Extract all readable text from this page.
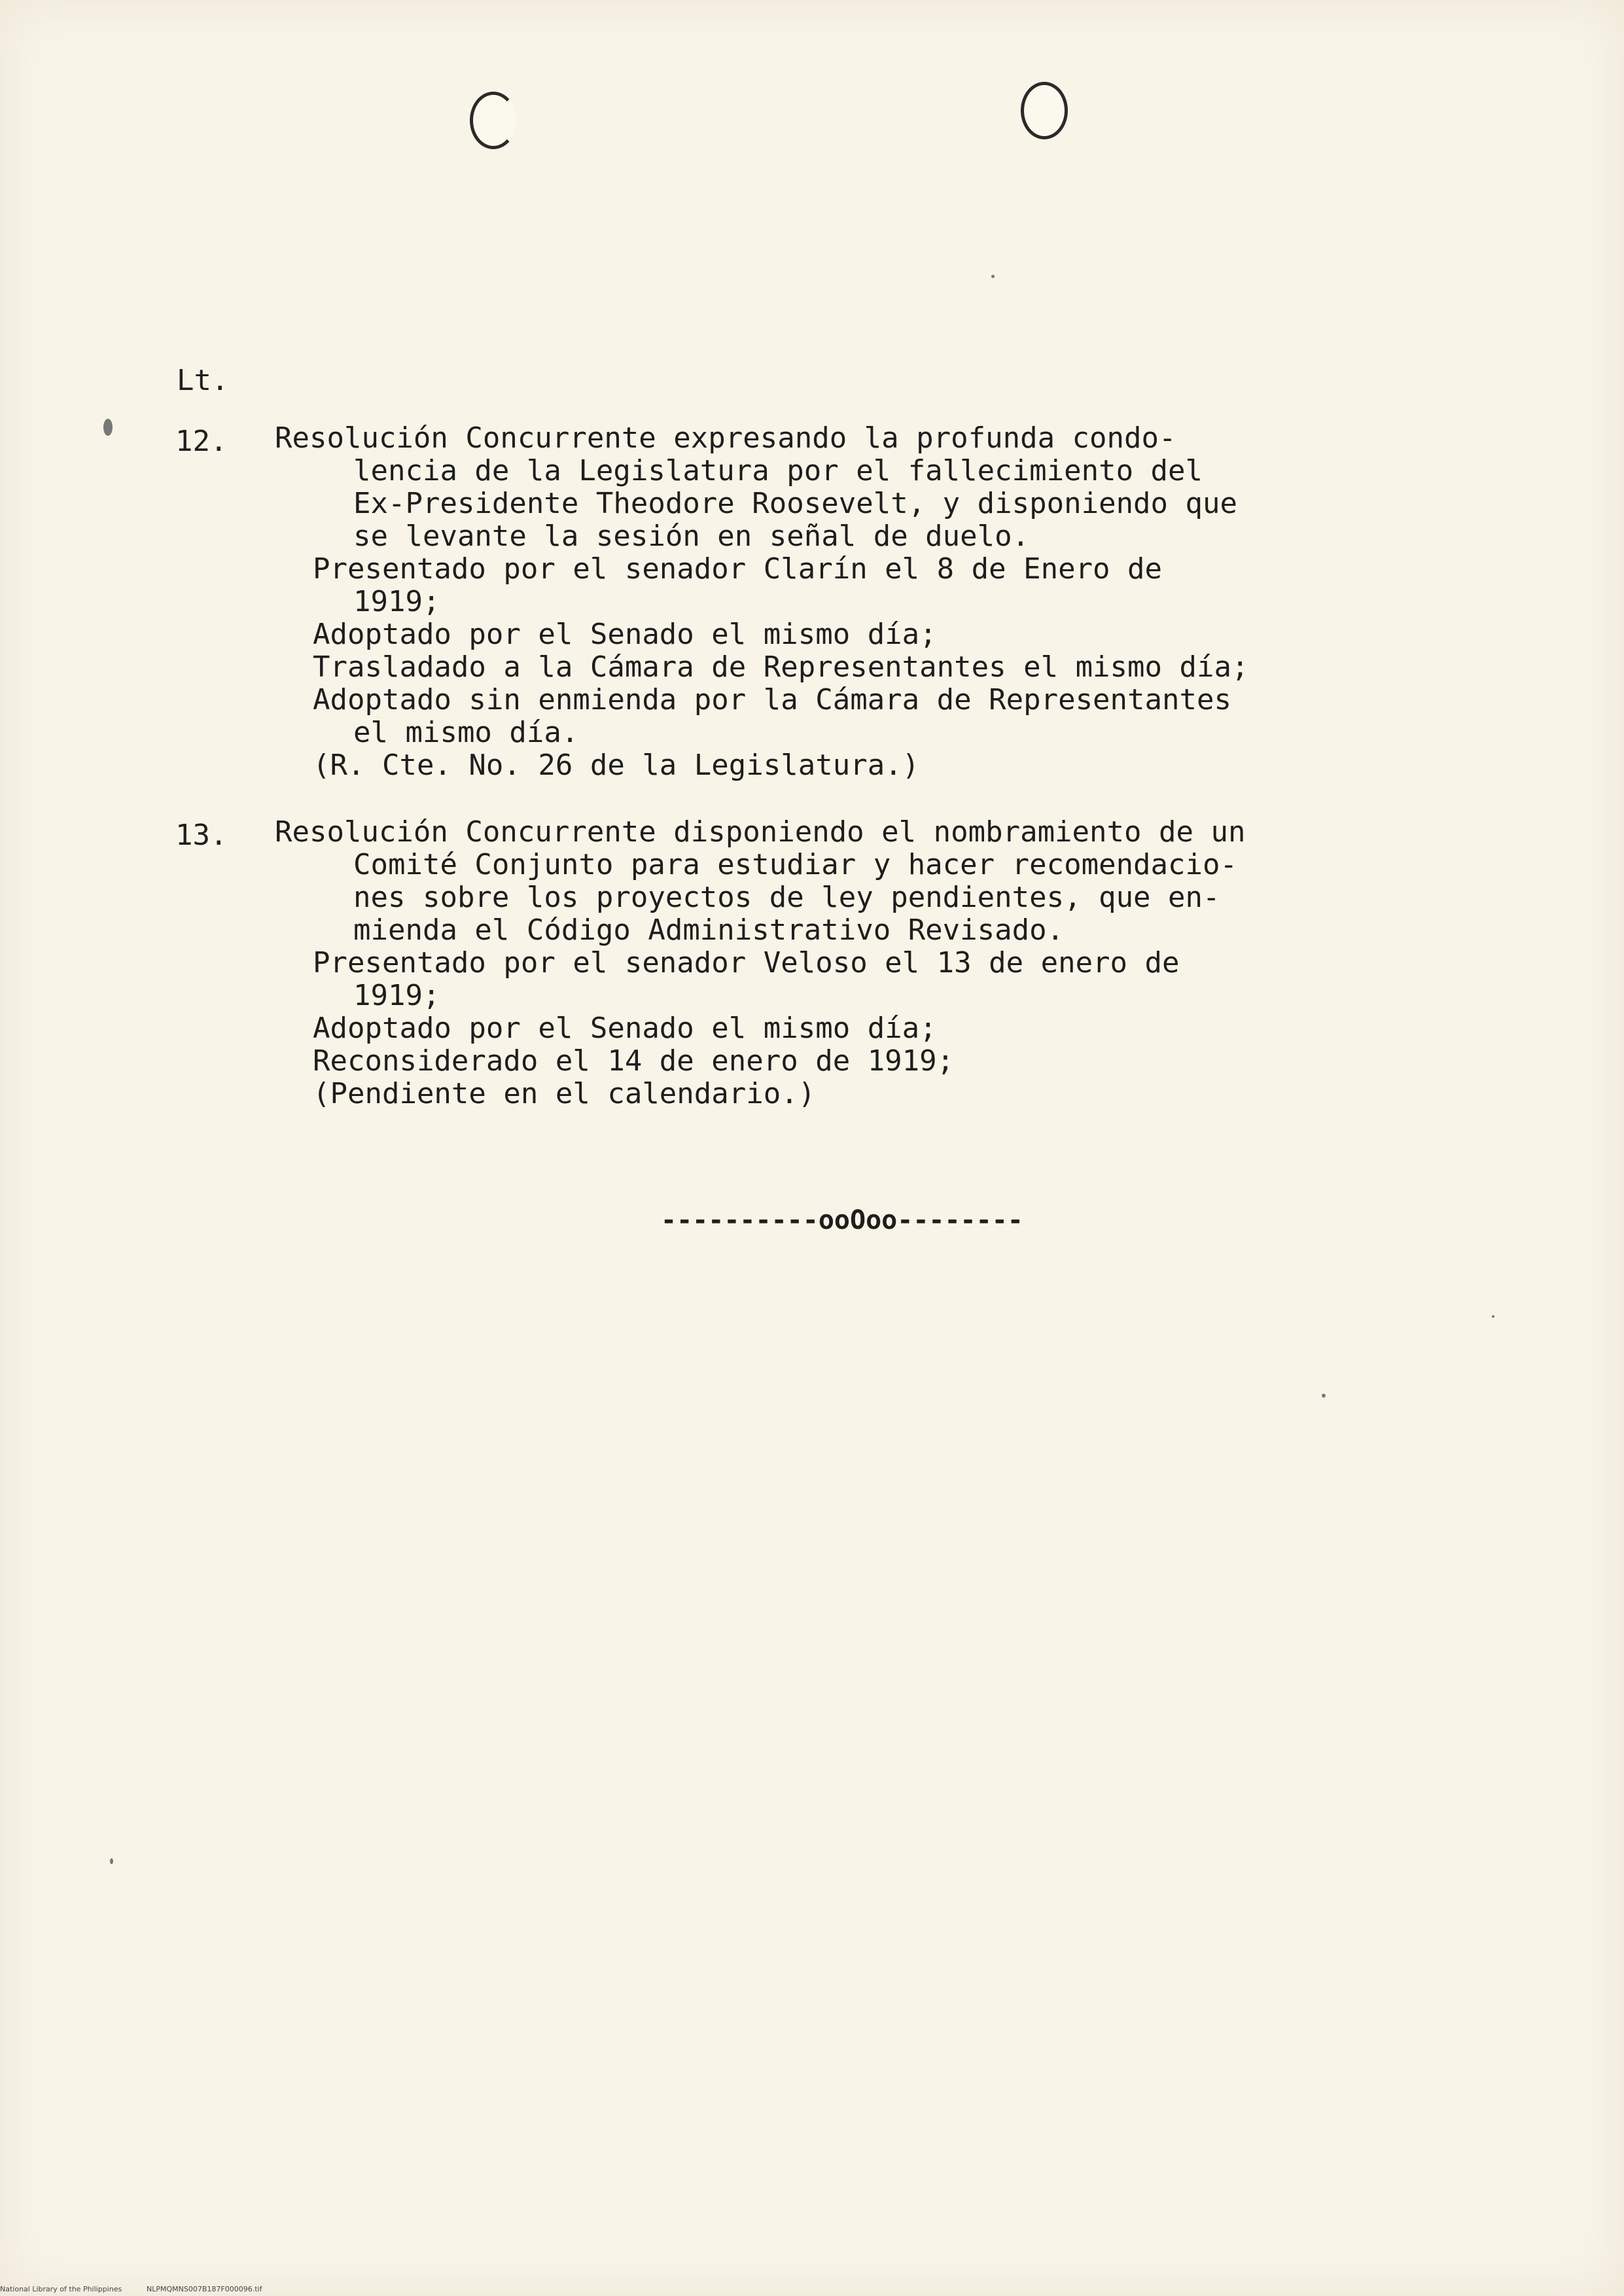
Lt.
12. Resolución Concurrente expresando la profunda condo-
lencia de la Legislatura por el fallecimiento del
Ex-Presidente Theodore Roosevelt, y disponiendo que
se levante la sesión en señal de duelo.
Presentado por el senador Clarín el 8 de Enero de
1919;
Adoptado por el Senado el mismo día;
Trasladado a la Cámara de Representantes el mismo día;
Adoptado sin enmienda por la Cámara de Representantes
el mismo día.
(R. Cte. No. 26 de la Legislatura.)
13. Resolución Concurrente disponiendo el nombramiento de un
Comité Conjunto para estudiar y hacer recomendacio-
nes sobre los proyectos de ley pendientes, que en-
mienda el Código Administrativo Revisado.
Presentado por el senador Veloso el 13 de enero de
1919;
Adoptado por el Senado el mismo día;
Reconsiderado el 14 de enero de 1919;
(Pendiente en el calendario.)
----------ooOoo--------
National Library of the Philippines	NLPMQMNS007B187F000096.tif
